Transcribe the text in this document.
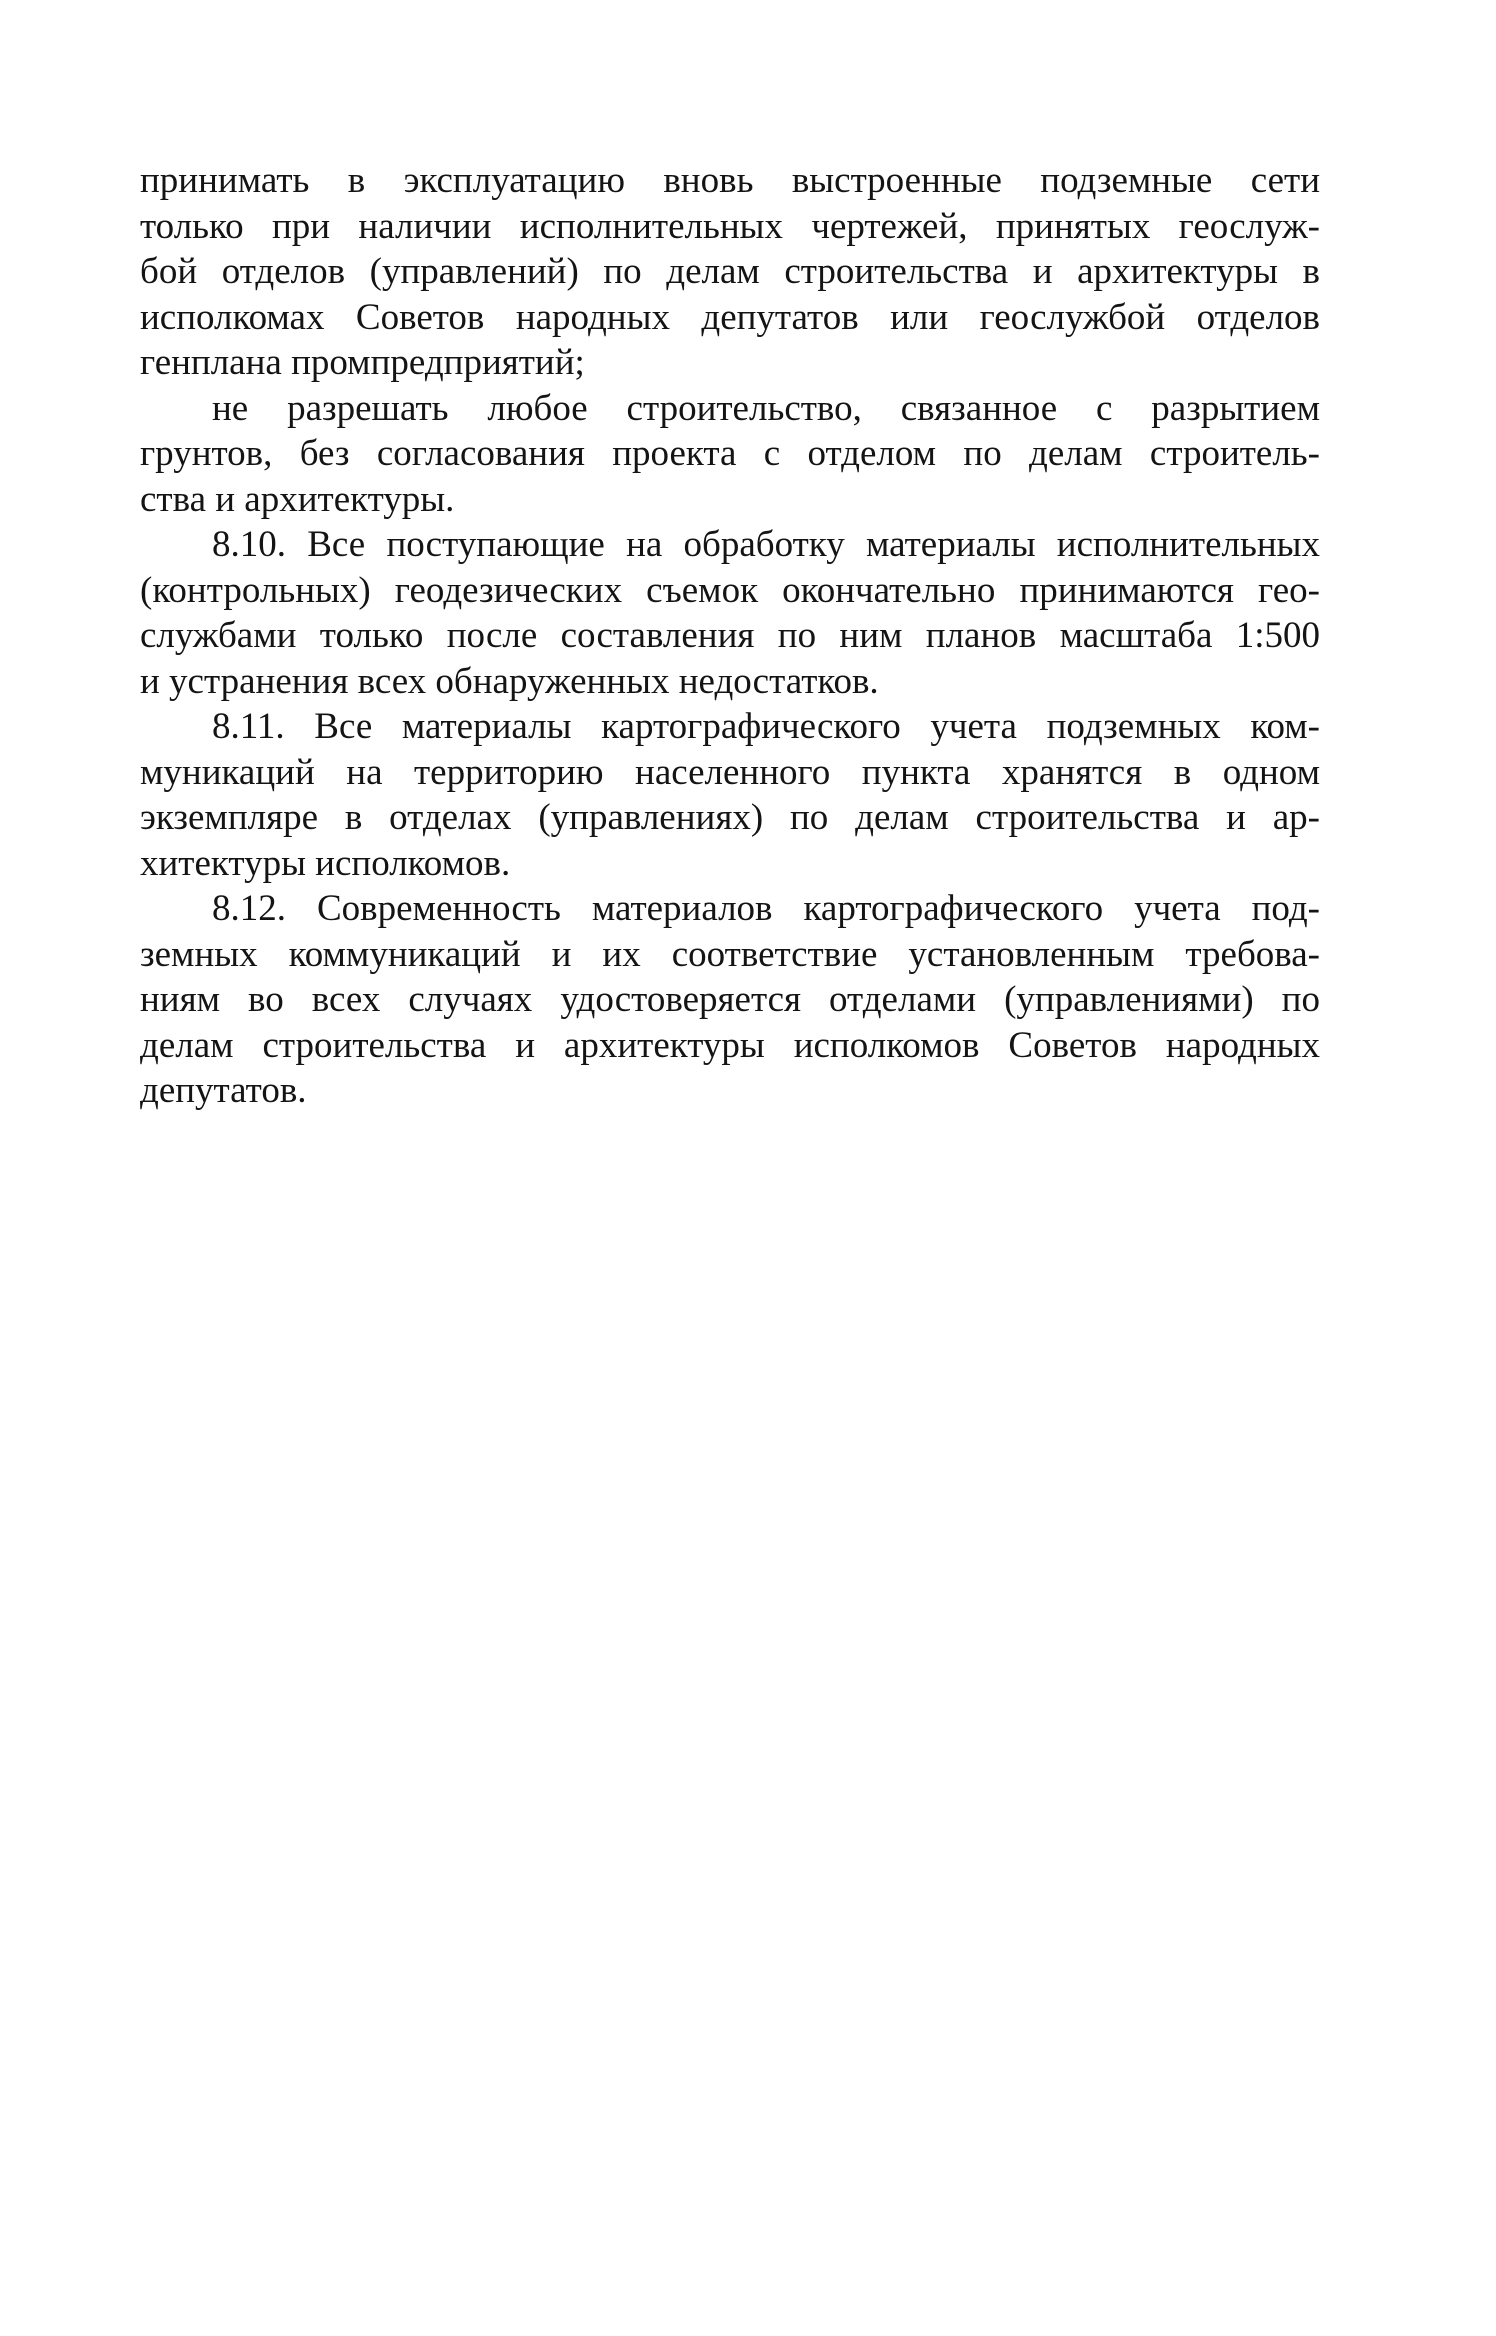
принимать в эксплуатацию вновь выстроенные подземные сети
только при наличии исполнительных чертежей, принятых геослуж-
бой отделов (управлений) по делам строительства и архитектуры в
исполкомах Советов народных депутатов или геослужбой отделов
генплана промпредприятий;
не разрешать любое строительство, связанное с разрытием
грунтов, без согласования проекта с отделом по делам строитель-
ства и архитектуры.
8.10. Все поступающие на обработку материалы исполнительных
(контрольных) геодезических съемок окончательно принимаются гео-
службами только после составления по ним планов масштаба 1:500
и устранения всех обнаруженных недостатков.
8.11. Все материалы картографического учета подземных ком-
муникаций на территорию населенного пункта хранятся в одном
экземпляре в отделах (управлениях) по делам строительства и ар-
хитектуры исполкомов.
8.12. Современность материалов картографического учета под-
земных коммуникаций и их соответствие установленным требова-
ниям во всех случаях удостоверяется отделами (управлениями) по
делам строительства и архитектуры исполкомов Советов народных
депутатов.
